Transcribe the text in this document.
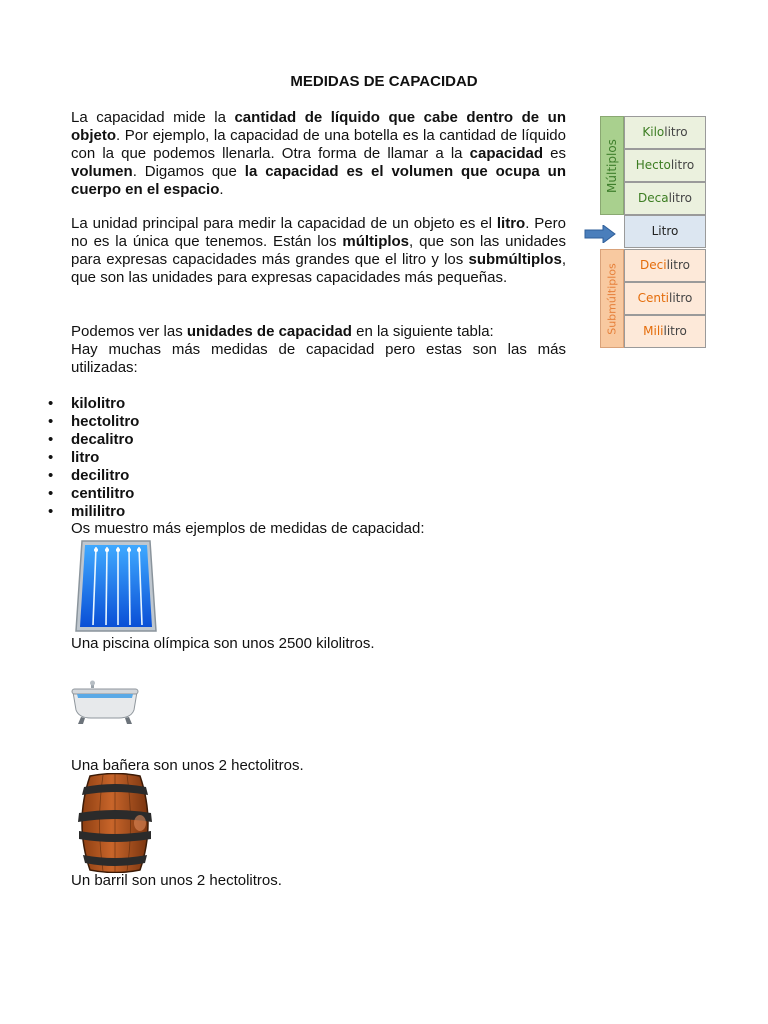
MEDIDAS DE CAPACIDAD
La capacidad mide la cantidad de líquido que cabe dentro de un objeto. Por ejemplo, la capacidad de una botella es la cantidad de líquido con la que podemos llenarla. Otra forma de llamar a la capacidad es volumen. Digamos que la capacidad es el volumen que ocupa un cuerpo en el espacio.
La unidad principal para medir la capacidad de un objeto es el litro. Pero no es la única que tenemos. Están los múltiplos, que son las unidades para expresas capacidades más grandes que el litro y los submúltiplos, que son las unidades para expresas capacidades más pequeñas.
Podemos ver las unidades de capacidad en la siguiente tabla:
Hay muchas más medidas de capacidad pero estas son las más utilizadas:
• kilolitro
• hectolitro
• decalitro
• litro
• decilitro
• centilitro
• mililitro
Os muestro más ejemplos de medidas de capacidad:
Una piscina olímpica son unos 2500 kilolitros.
Una bañera son unos 2 hectolitros.
Un barril son unos 2 hectolitros.
Múltiplos
Submúltiplos
Kilolitro
Hectolitro
Decalitro
Litro
Decilitro
Centilitro
Mililitro
